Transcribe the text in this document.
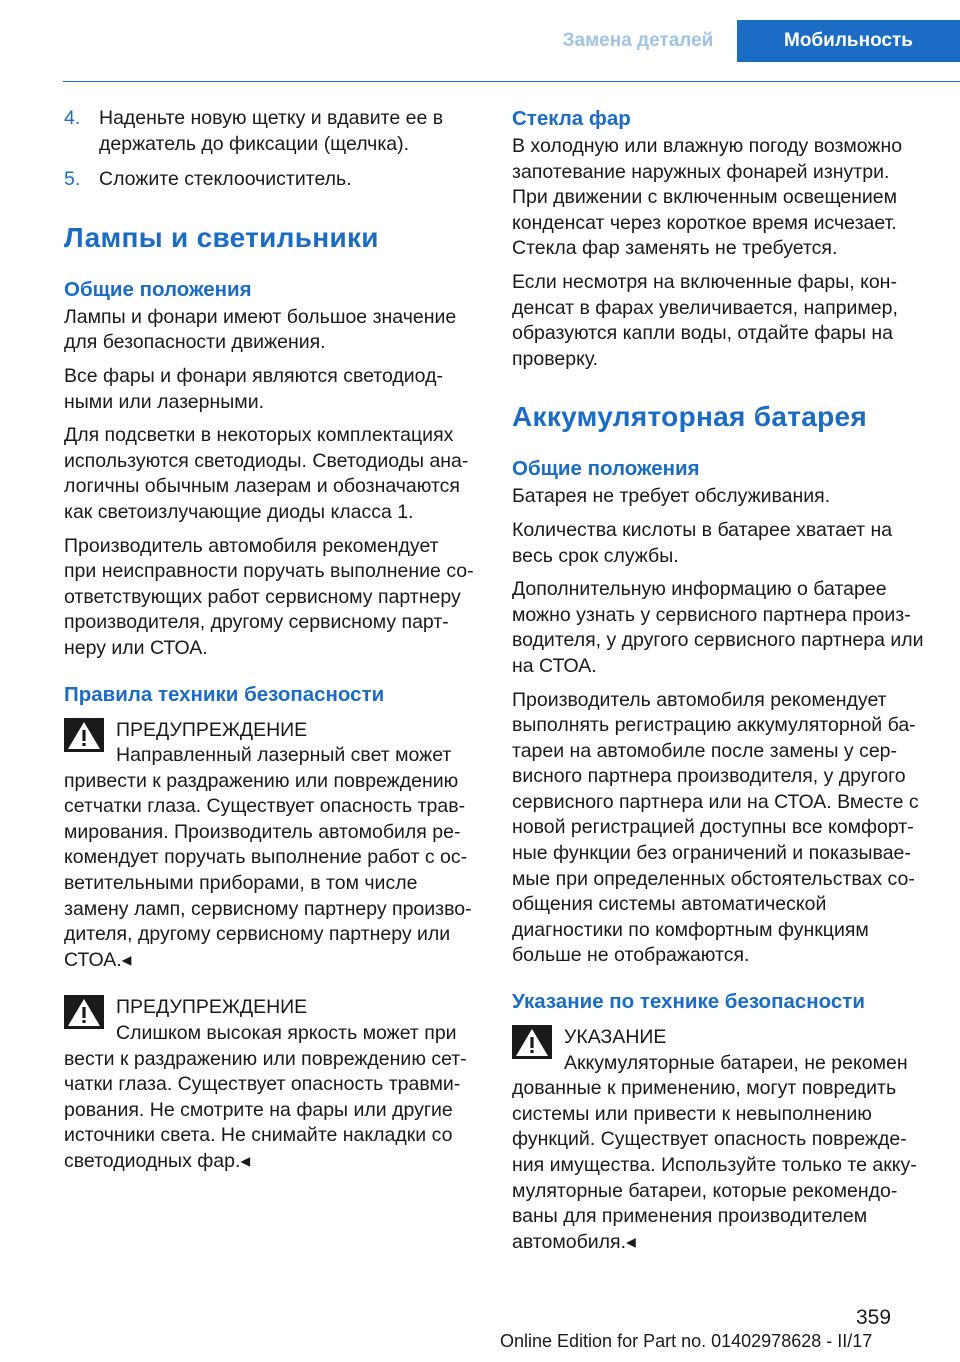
Замена деталей	Мобильность
4. Наденьте новую щетку и вдавите ее в держатель до фиксации (щелчка).
5. Сложите стеклоочиститель.
Лампы и светильники
Общие положения

Лампы и фонари имеют большое значение для безопасности движения.

Все фары и фонари являются светодиодными или лазерными.

Для подсветки в некоторых комплектациях используются светодиоды. Светодиоды аналогичны обычным лазерам и обозначаются как светоизлучающие диоды класса 1.

Производитель автомобиля рекомендует при неисправности поручать выполнение соответствующих работ сервисному партнеру производителя, другому сервисному партнеру или СТОА.

Правила техники безопасности
ПРЕДУПРЕЖДЕНИЕ
Направленный лазерный свет может
привести к раздражению или повреждению сетчатки глаза. Существует опасность травмирования. Производитель автомобиля рекомендует поручать выполнение работ с осветительными приборами, в том числе замену ламп, сервисному партнеру производителя, другому сервисному партнеру или СТОА.◂
ПРЕДУПРЕЖДЕНИЕ
Слишком высокая яркость может при
вести к раздражению или повреждению сетчатки глаза. Существует опасность травмирования. Не смотрите на фары или другие источники света. Не снимайте накладки со светодиодных фар.◂
Стекла фар

В холодную или влажную погоду возможно запотевание наружных фонарей изнутри. При движении с включенным освещением конденсат через короткое время исчезает. Стекла фар заменять не требуется.

Если несмотря на включенные фары, конденсат в фарах увеличивается, например, образуются капли воды, отдайте фары на проверку.

Аккумуляторная батарея
Общие положения

Батарея не требует обслуживания.

Количества кислоты в батарее хватает на весь срок службы.

Дополнительную информацию о батарее можно узнать у сервисного партнера производителя, у другого сервисного партнера или на СТОА.

Производитель автомобиля рекомендует выполнять регистрацию аккумуляторной батареи на автомобиле после замены у сервисного партнера производителя, у другого сервисного партнера или на СТОА. Вместе с новой регистрацией доступны все комфортные функции без ограничений и показываемые при определенных обстоятельствах сообщения системы автоматической диагностики по комфортным функциям больше не отображаются.

Указание по технике безопасности
УКАЗАНИЕ
Аккумуляторные батареи, не рекомен
дованные к применению, могут повредить системы или привести к невыполнению функций. Существует опасность повреждения имущества. Используйте только те аккумуляторные батареи, которые рекомендованы для применения производителем автомобиля.◂
359
Online Edition for Part no. 01402978628 - II/17
